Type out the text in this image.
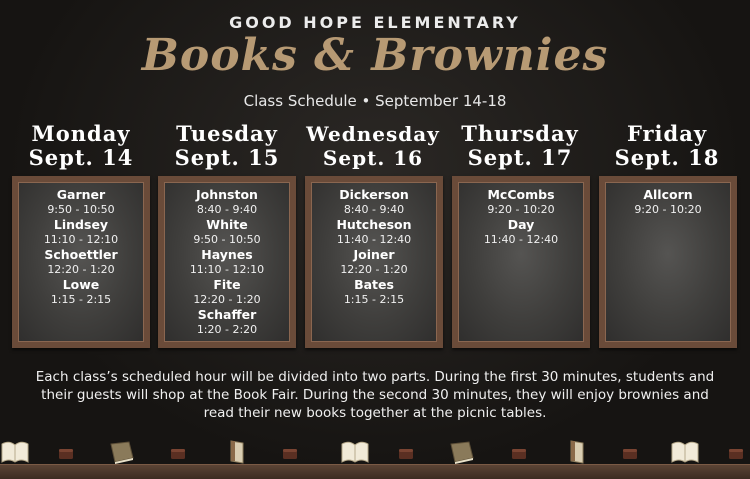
GOOD HOPE ELEMENTARY
Books & Brownies
Class Schedule • September 14-18
Monday
Sept. 14
Tuesday
Sept. 15
Wednesday
Sept. 16
Thursday
Sept. 17
Friday
Sept. 18
Garner
9:50 - 10:50
Lindsey
11:10 - 12:10
Schoettler
12:20 - 1:20
Lowe
1:15 - 2:15
Johnston
8:40 - 9:40
White
9:50 - 10:50
Haynes
11:10 - 12:10
Fite
12:20 - 1:20
Schaffer
1:20 - 2:20
Dickerson
8:40 - 9:40
Hutcheson
11:40 - 12:40
Joiner
12:20 - 1:20
Bates
1:15 - 2:15
McCombs
9:20 - 10:20
Day
11:40 - 12:40
Allcorn
9:20 - 10:20
Each class’s scheduled hour will be divided into two parts. During the first 30 minutes, students and their guests will shop at the Book Fair. During the second 30 minutes, they will enjoy brownies and read their new books together at the picnic tables.
